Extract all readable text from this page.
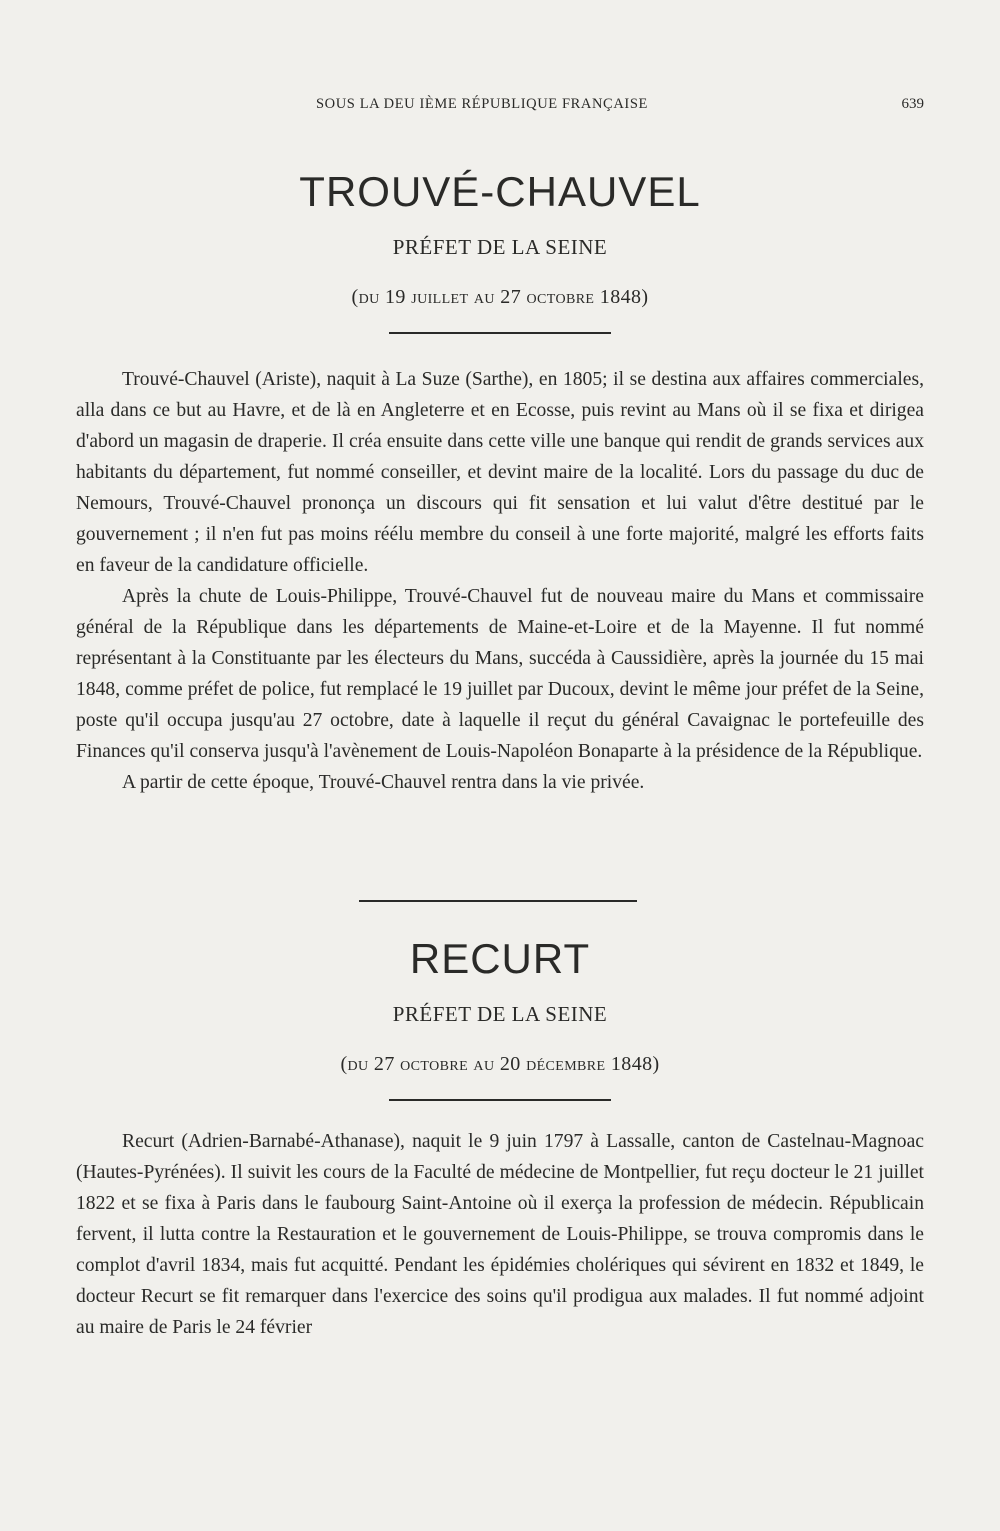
SOUS LA DEU IÈME RÉPUBLIQUE FRANÇAISE	639
TROUVÉ-CHAUVEL
PRÉFET DE LA SEINE
(du 19 juillet au 27 octobre 1848)

Trouvé-Chauvel (Ariste), naquit à La Suze (Sarthe), en 1805; il se destina aux affaires commerciales, alla dans ce but au Havre, et de là en Angleterre et en Ecosse, puis revint au Mans où il se fixa et dirigea d'abord un magasin de draperie. Il créa ensuite dans cette ville une banque qui rendit de grands services aux habitants du département, fut nommé conseiller, et devint maire de la localité. Lors du passage du duc de Nemours, Trouvé-Chauvel prononça un discours qui fit sensation et lui valut d'être destitué par le gouvernement ; il n'en fut pas moins réélu membre du conseil à une forte majorité, malgré les efforts faits en faveur de la candidature officielle.

Après la chute de Louis-Philippe, Trouvé-Chauvel fut de nouveau maire du Mans et commissaire général de la République dans les départements de Maine-et-Loire et de la Mayenne. Il fut nommé représentant à la Constituante par les électeurs du Mans, succéda à Caussidière, après la journée du 15 mai 1848, comme préfet de police, fut remplacé le 19 juillet par Ducoux, devint le même jour préfet de la Seine, poste qu'il occupa jusqu'au 27 octobre, date à laquelle il reçut du général Cavaignac le portefeuille des Finances qu'il conserva jusqu'à l'avènement de Louis-Napoléon Bonaparte à la présidence de la République.

A partir de cette époque, Trouvé-Chauvel rentra dans la vie privée.

RECURT
PRÉFET DE LA SEINE
(du 27 octobre au 20 décembre 1848)

Recurt (Adrien-Barnabé-Athanase), naquit le 9 juin 1797 à Lassalle, canton de Castelnau-Magnoac (Hautes-Pyrénées). Il suivit les cours de la Faculté de médecine de Montpellier, fut reçu docteur le 21 juillet 1822 et se fixa à Paris dans le faubourg Saint-Antoine où il exerça la profession de médecin. Républicain fervent, il lutta contre la Restauration et le gouvernement de Louis-Philippe, se trouva compromis dans le complot d'avril 1834, mais fut acquitté. Pendant les épidémies cholériques qui sévirent en 1832 et 1849, le docteur Recurt se fit remarquer dans l'exercice des soins qu'il prodigua aux malades. Il fut nommé adjoint au maire de Paris le 24 février
